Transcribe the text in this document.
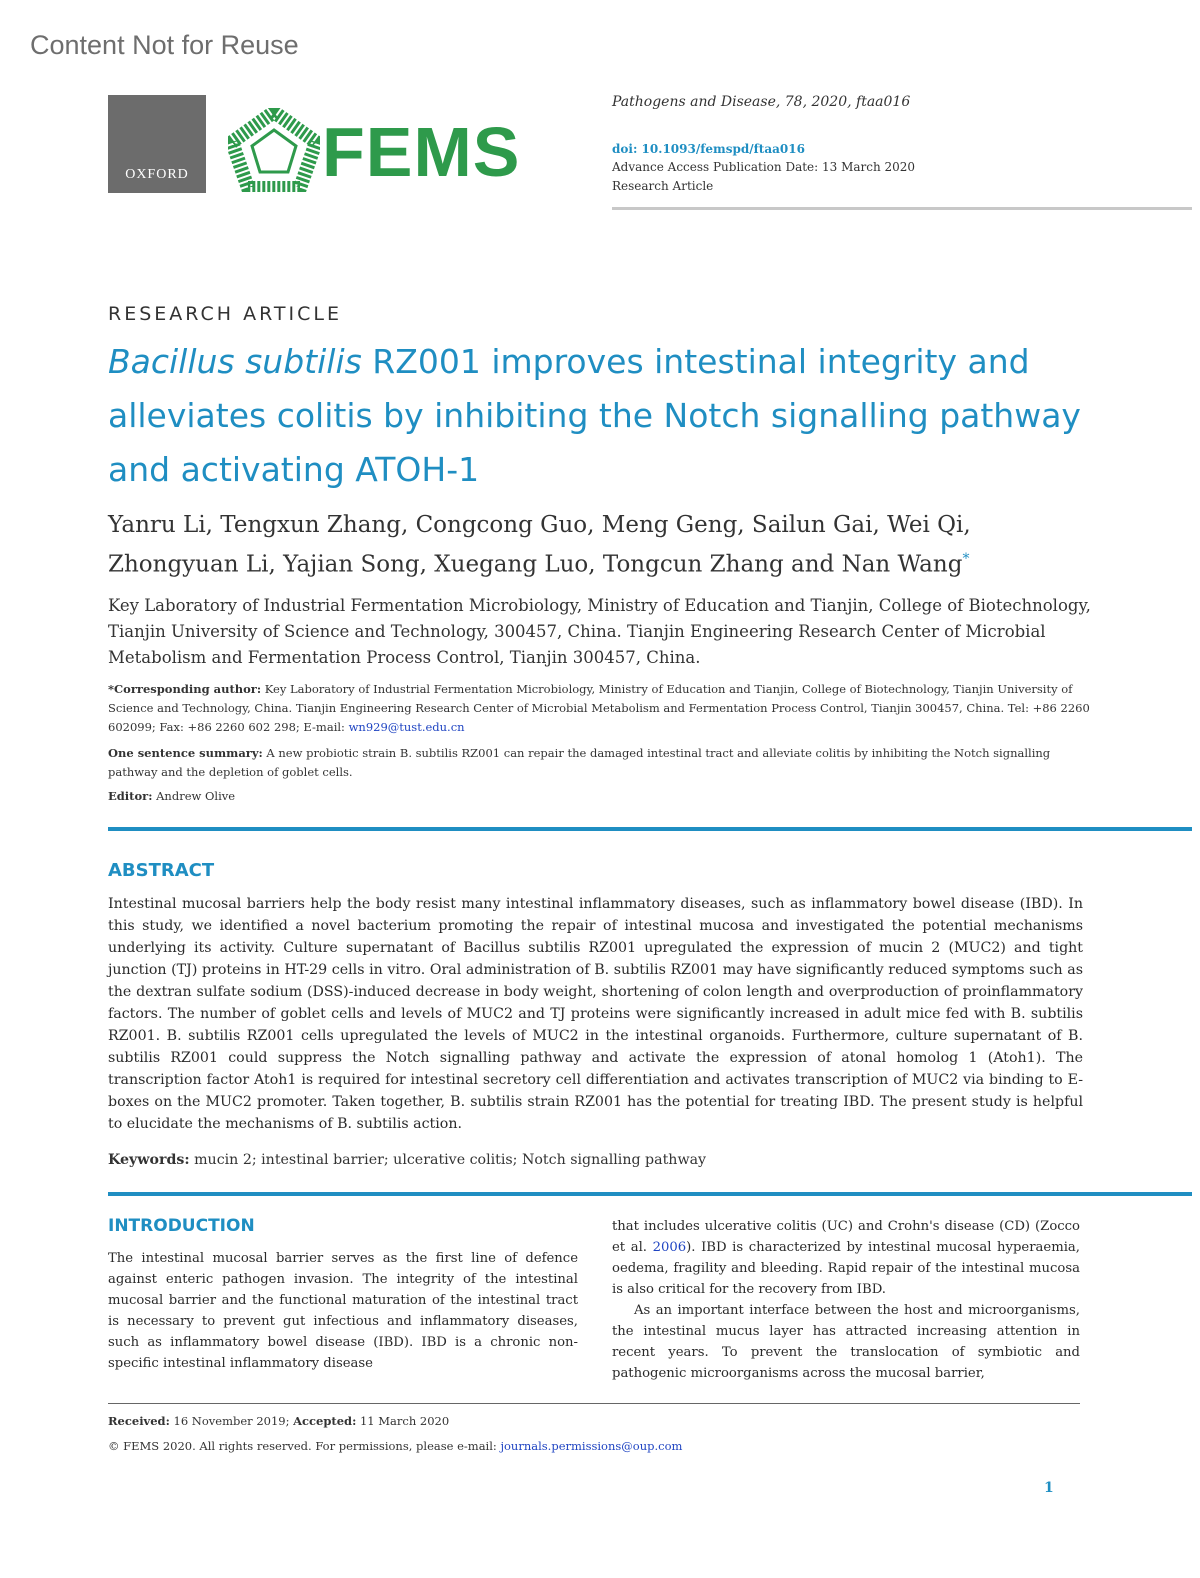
Content Not for Reuse
OXFORD FEMS
Pathogens and Disease, 78, 2020, ftaa016
doi: 10.1093/femspd/ftaa016
Advance Access Publication Date: 13 March 2020
Research Article
RESEARCH ARTICLE
Bacillus subtilis RZ001 improves intestinal integrity and alleviates colitis by inhibiting the Notch signalling pathway and activating ATOH-1
Yanru Li, Tengxun Zhang, Congcong Guo, Meng Geng, Sailun Gai, Wei Qi,
Zhongyuan Li, Yajian Song, Xuegang Luo, Tongcun Zhang and Nan Wang*
Key Laboratory of Industrial Fermentation Microbiology, Ministry of Education and Tianjin, College of Biotechnology, Tianjin University of Science and Technology, 300457, China. Tianjin Engineering Research Center of Microbial Metabolism and Fermentation Process Control, Tianjin 300457, China.
*Corresponding author: Key Laboratory of Industrial Fermentation Microbiology, Ministry of Education and Tianjin, College of Biotechnology, Tianjin University of Science and Technology, China. Tianjin Engineering Research Center of Microbial Metabolism and Fermentation Process Control, Tianjin 300457, China. Tel: +86 2260 602099; Fax: +86 2260 602 298; E-mail: wn929@tust.edu.cn
One sentence summary: A new probiotic strain B. subtilis RZ001 can repair the damaged intestinal tract and alleviate colitis by inhibiting the Notch signalling pathway and the depletion of goblet cells.
Editor: Andrew Olive
ABSTRACT
Intestinal mucosal barriers help the body resist many intestinal inflammatory diseases, such as inflammatory bowel disease (IBD). In this study, we identified a novel bacterium promoting the repair of intestinal mucosa and investigated the potential mechanisms underlying its activity. Culture supernatant of Bacillus subtilis RZ001 upregulated the expression of mucin 2 (MUC2) and tight junction (TJ) proteins in HT-29 cells in vitro. Oral administration of B. subtilis RZ001 may have significantly reduced symptoms such as the dextran sulfate sodium (DSS)-induced decrease in body weight, shortening of colon length and overproduction of proinflammatory factors. The number of goblet cells and levels of MUC2 and TJ proteins were significantly increased in adult mice fed with B. subtilis RZ001. B. subtilis RZ001 cells upregulated the levels of MUC2 in the intestinal organoids. Furthermore, culture supernatant of B. subtilis RZ001 could suppress the Notch signalling pathway and activate the expression of atonal homolog 1 (Atoh1). The transcription factor Atoh1 is required for intestinal secretory cell differentiation and activates transcription of MUC2 via binding to E-boxes on the MUC2 promoter. Taken together, B. subtilis strain RZ001 has the potential for treating IBD. The present study is helpful to elucidate the mechanisms of B. subtilis action.
Keywords: mucin 2; intestinal barrier; ulcerative colitis; Notch signalling pathway
INTRODUCTION
The intestinal mucosal barrier serves as the first line of defence against enteric pathogen invasion. The integrity of the intestinal mucosal barrier and the functional maturation of the intestinal tract is necessary to prevent gut infectious and inflammatory diseases, such as inflammatory bowel disease (IBD). IBD is a chronic non-specific intestinal inflammatory disease

that includes ulcerative colitis (UC) and Crohn's disease (CD) (Zocco et al. 2006). IBD is characterized by intestinal mucosal hyperaemia, oedema, fragility and bleeding. Rapid repair of the intestinal mucosa is also critical for the recovery from IBD.

As an important interface between the host and microorganisms, the intestinal mucus layer has attracted increasing attention in recent years. To prevent the translocation of symbiotic and pathogenic microorganisms across the mucosal barrier,

Received: 16 November 2019; Accepted: 11 March 2020
© FEMS 2020. All rights reserved. For permissions, please e-mail: journals.permissions@oup.com
1
